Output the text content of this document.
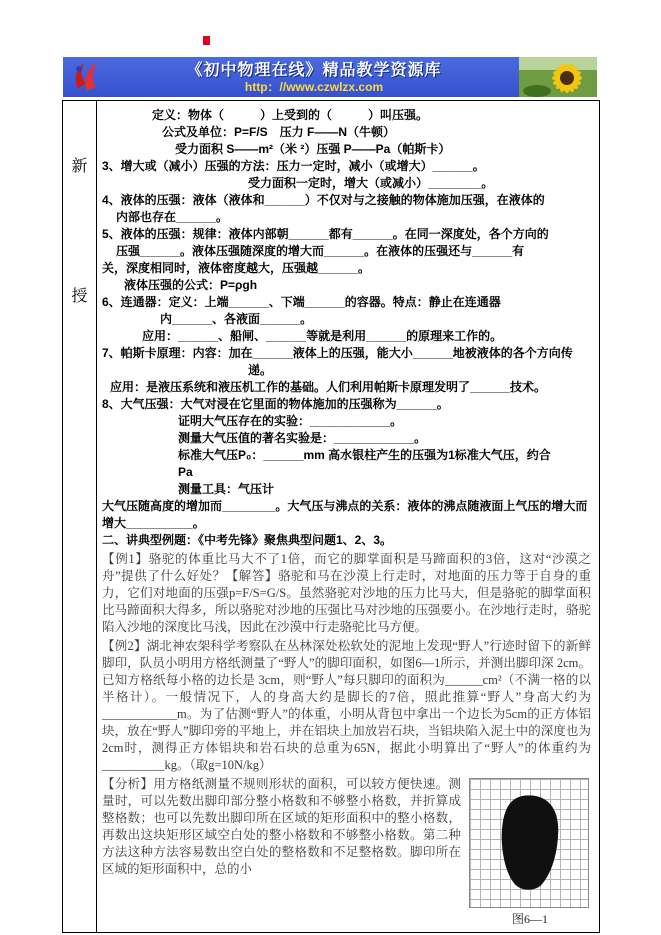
《初中物理在线》精品教学资源库
http：//www.czwlzx.com
新
授
定义：物体（　　　）上受到的（　　　）叫压强。
公式及单位：P=F/S　压力 F——N（牛顿）
受力面积 S——m²（米 ²）压强 P——Pa（帕斯卡）
3、增大或（减小）压强的方法：压力一定时，减小（或增大）______。
受力面积一定时，增大（或减小）________。
4、液体的压强：液体（液体和______）不仅对与之接触的物体施加压强，在液体的
内部也存在______。
5、液体的压强：规律：液体内部朝______都有______。在同一深度处，各个方向的
压强______。液体压强随深度的增大而______。在液体的压强还与______有
关，深度相同时，液体密度越大，压强越______。
液体压强的公式：P=ρgh
6、连通器：定义：上端______、下端______的容器。特点：静止在连通器
内______、各液面______。
应用：______、船闸、______等就是利用______的原理来工作的。
7、帕斯卡原理：内容：加在______液体上的压强，能大小______地被液体的各个方向传
递。
应用：是液压系统和液压机工作的基础。人们利用帕斯卡原理发明了______技术。
8、大气压强：大气对浸在它里面的物体施加的压强称为______。
证明大气压存在的实验：____________。
测量大气压值的著名实验是：____________。
标准大气压P₀：______mm 高水银柱产生的压强为1标准大气压，约合
Pa
测量工具：气压计
大气压随高度的增加而________。大气压与沸点的关系：液体的沸点随液面上气压的增大而
增大__________。
二、讲典型例题：《中考先锋》聚焦典型问题1、2、3。

【例1】骆驼的体重比马大不了1倍，而它的脚掌面积是马蹄面积的3倍，这对“沙漠之舟”提供了什么好处？【解答】骆驼和马在沙漠上行走时，对地面的压力等于自身的重力，它们对地面的压强p=F/S=G/S。虽然骆驼对沙地的压力比马大，但是骆驼的脚掌面积比马蹄面积大得多，所以骆驼对沙地的压强比马对沙地的压强要小。在沙地行走时，骆驼陷入沙地的深度比马浅，因此在沙漠中行走骆驼比马方便。

【例2】湖北神农架科学考察队在丛林深处松软处的泥地上发现“野人”行迹时留下的新鲜脚印，队员小明用方格纸测量了“野人”的脚印面积，如图6—1所示，并测出脚印深 2cm。已知方格纸每小格的边长是 3cm，则“野人”每只脚印的面积为______cm²（不满一格的以半格计）。一般情况下，人的身高大约是脚长的7倍，照此推算“野人”身高大约为____________m。为了估测“野人”的体重，小明从背包中拿出一个边长为5cm的正方体铝块，放在“野人”脚印旁的平地上，并在铝块上加放岩石块，当铝块陷入泥土中的深度也为2cm时，测得正方体铝块和岩石块的总重为65N，据此小明算出了“野人”的体重约为__________kg。（取g=10N/kg）

图6—1

【分析】用方格纸测量不规则形状的面积，可以较方便快速。测量时，可以先数出脚印部分整小格数和不够整小格数，并折算成整格数；也可以先数出脚印所在区域的矩形面积中的整小格数，再数出这块矩形区域空白处的整小格数和不够整小格数。第二种方法这种方法容易数出空白处的整格数和不足整格数。脚印所在区域的矩形面积中，总的小
